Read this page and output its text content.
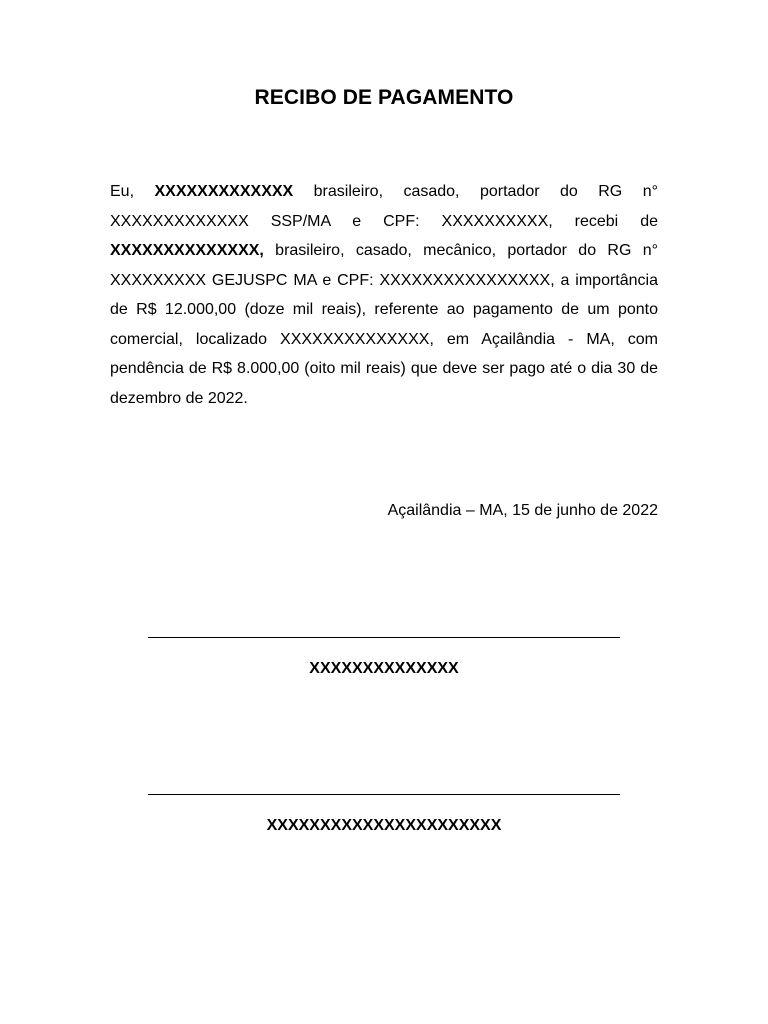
RECIBO DE PAGAMENTO
Eu, XXXXXXXXXXXXX brasileiro, casado, portador do RG n° XXXXXXXXXXXXX SSP/MA e CPF: XXXXXXXXXX, recebi de XXXXXXXXXXXXXX, brasileiro, casado, mecânico, portador do RG n° XXXXXXXXX GEJUSPC MA e CPF: XXXXXXXXXXXXXXXX, a importância de R$ 12.000,00 (doze mil reais), referente ao pagamento de um ponto comercial, localizado XXXXXXXXXXXXXX, em Açailândia - MA, com pendência de R$ 8.000,00 (oito mil reais) que deve ser pago até o dia 30 de dezembro de 2022.
Açailândia – MA, 15 de junho de 2022
XXXXXXXXXXXXXX
XXXXXXXXXXXXXXXXXXXXXX
